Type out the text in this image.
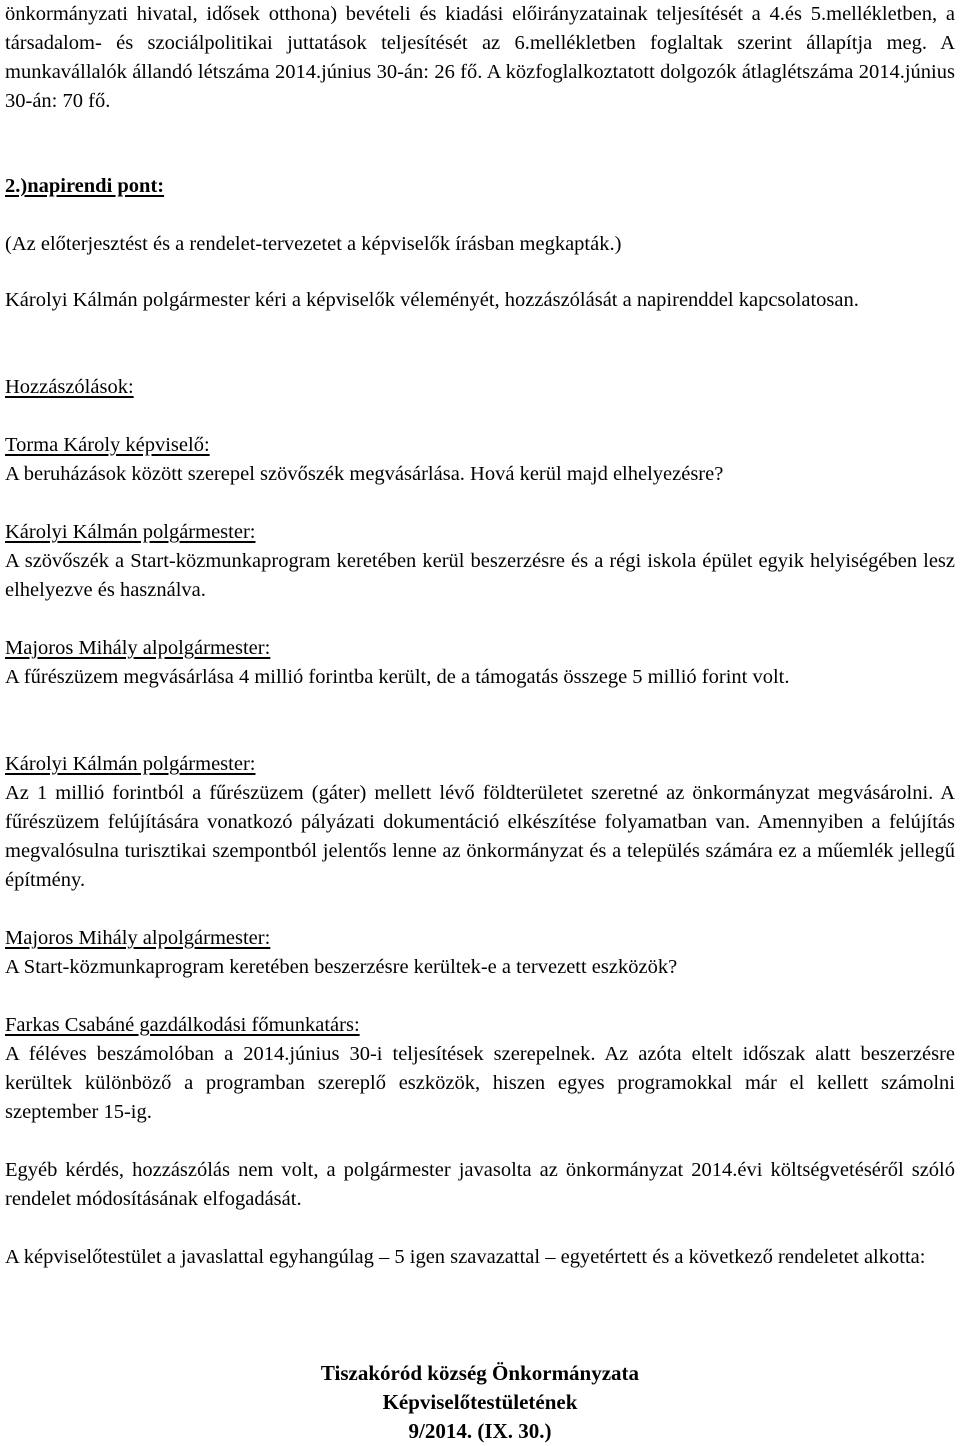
önkormányzati hivatal, idősek otthona) bevételi és kiadási előirányzatainak teljesítését a 4.és 5.mellékletben, a társadalom- és szociálpolitikai juttatások teljesítését az 6.mellékletben foglaltak szerint állapítja meg. A munkavállalók állandó létszáma 2014.június 30-án: 26 fő. A közfoglalkoztatott dolgozók átlaglétszáma 2014.június 30-án: 70 fő.

2.)napirendi pont:

(Az előterjesztést és a rendelet-tervezetet a képviselők írásban megkapták.)

Károlyi Kálmán polgármester kéri a képviselők véleményét, hozzászólását a napirenddel kapcsolatosan.

Hozzászólások:
Torma Károly képviselő:

A beruházások között szerepel szövőszék megvásárlása. Hová kerül majd elhelyezésre?

Károlyi Kálmán polgármester:

A szövőszék a Start-közmunkaprogram keretében kerül beszerzésre és a régi iskola épület egyik helyiségében lesz elhelyezve és használva.

Majoros Mihály alpolgármester:

A fűrészüzem megvásárlása 4 millió forintba került, de a támogatás összege 5 millió forint volt.

Károlyi Kálmán polgármester:

Az 1 millió forintból a fűrészüzem (gáter) mellett lévő földterületet szeretné az önkormányzat megvásárolni. A fűrészüzem felújítására vonatkozó pályázati dokumentáció elkészítése folyamatban van. Amennyiben a felújítás megvalósulna turisztikai szempontból jelentős lenne az önkormányzat és a település számára ez a műemlék jellegű építmény.

Majoros Mihály alpolgármester:

A Start-közmunkaprogram keretében beszerzésre kerültek-e a tervezett eszközök?

Farkas Csabáné gazdálkodási főmunkatárs:

A féléves beszámolóban a 2014.június 30-i teljesítések szerepelnek. Az azóta eltelt időszak alatt beszerzésre kerültek különböző a programban szereplő eszközök, hiszen egyes programokkal már el kellett számolni szeptember 15-ig.

Egyéb kérdés, hozzászólás nem volt, a polgármester javasolta az önkormányzat 2014.évi költségvetéséről szóló rendelet módosításának elfogadását.

A képviselőtestület a javaslattal egyhangúlag – 5 igen szavazattal – egyetértett és a következő rendeletet alkotta:

Tiszakóród község Önkormányzata
Képviselőtestületének
9/2014. (IX. 30.)
